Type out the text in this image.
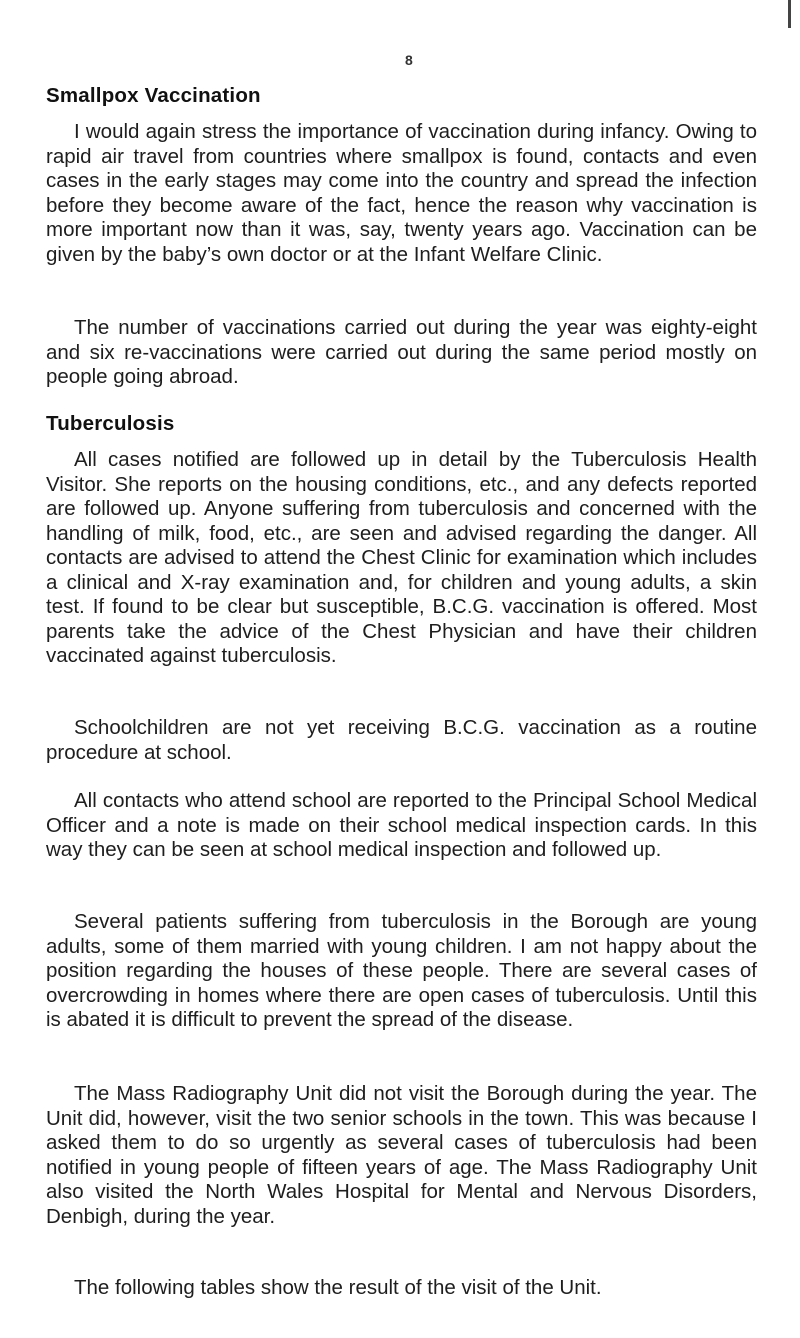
8
Smallpox Vaccination

I would again stress the importance of vaccination during infancy. Owing to rapid air travel from countries where smallpox is found, contacts and even cases in the early stages may come into the country and spread the infection before they become aware of the fact, hence the reason why vaccination is more important now than it was, say, twenty years ago. Vaccination can be given by the baby’s own doctor or at the Infant Welfare Clinic.

The number of vaccinations carried out during the year was eighty-eight and six re-vaccinations were carried out during the same period mostly on people going abroad.

Tuberculosis

All cases notified are followed up in detail by the Tuberculosis Health Visitor. She reports on the housing conditions, etc., and any defects reported are followed up. Anyone suffering from tuberculosis and concerned with the handling of milk, food, etc., are seen and advised regarding the danger. All contacts are advised to attend the Chest Clinic for examination which includes a clinical and X-ray examination and, for children and young adults, a skin test. If found to be clear but susceptible, B.C.G. vaccination is offered. Most parents take the advice of the Chest Physician and have their children vaccinated against tuberculosis.

Schoolchildren are not yet receiving B.C.G. vaccination as a routine procedure at school.

All contacts who attend school are reported to the Principal School Medical Officer and a note is made on their school medical inspection cards. In this way they can be seen at school medical inspection and followed up.

Several patients suffering from tuberculosis in the Borough are young adults, some of them married with young children. I am not happy about the position regarding the houses of these people. There are several cases of overcrowding in homes where there are open cases of tuberculosis. Until this is abated it is difficult to prevent the spread of the disease.

The Mass Radiography Unit did not visit the Borough during the year. The Unit did, however, visit the two senior schools in the town. This was because I asked them to do so urgently as several cases of tuberculosis had been notified in young people of fifteen years of age. The Mass Radiography Unit also visited the North Wales Hospital for Mental and Nervous Disorders, Denbigh, during the year.

The following tables show the result of the visit of the Unit.
